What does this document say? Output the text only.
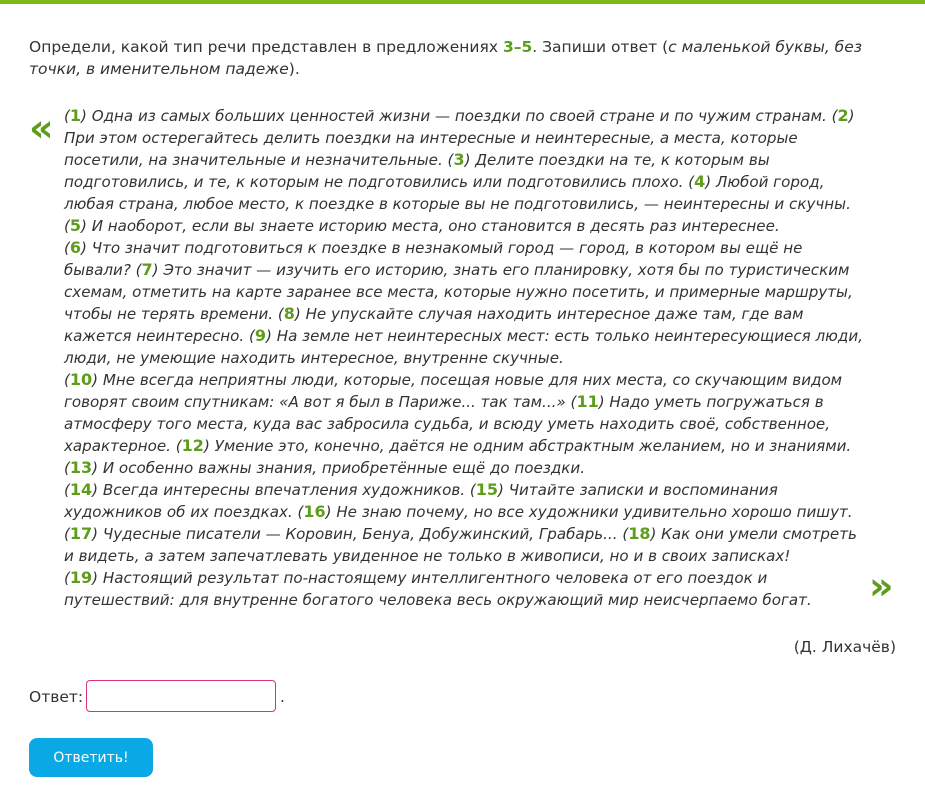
Определи, какой тип речи представлен в предложениях 3–5. Запиши ответ (с маленькой буквы, без точки, в именительном падеже).
« (1) Одна из самых больших ценностей жизни — поездки по своей стране и по чужим странам. (2) При этом остерегайтесь делить поездки на интересные и неинтересные, а места, которые посетили, на значительные и незначительные. (3) Делите поездки на те, к которым вы подготовились, и те, к которым не подготовились или подготовились плохо. (4) Любой город, любая страна, любое место, к поездке в которые вы не подготовились, — неинтересны и скучны. (5) И наоборот, если вы знаете историю места, оно становится в десять раз интереснее.

(6) Что значит подготовиться к поездке в незнакомый город — город, в котором вы ещё не бывали? (7) Это значит — изучить его историю, знать его планировку, хотя бы по туристическим схемам, отметить на карте заранее все места, которые нужно посетить, и примерные маршруты, чтобы не терять времени. (8) Не упускайте случая находить интересное даже там, где вам кажется неинтересно. (9) На земле нет неинтересных мест: есть только неинтересующиеся люди, люди, не умеющие находить интересное, внутренне скучные.

(10) Мне всегда неприятны люди, которые, посещая новые для них места, со скучающим видом говорят своим спутникам: «А вот я был в Париже... так там...» (11) Надо уметь погружаться в атмосферу того места, куда вас забросила судьба, и всюду уметь находить своё, собственное, характерное. (12) Умение это, конечно, даётся не одним абстрактным желанием, но и знаниями. (13) И особенно важны знания, приобретённые ещё до поездки.

(14) Всегда интересны впечатления художников. (15) Читайте записки и воспоминания художников об их поездках. (16) Не знаю почему, но все художники удивительно хорошо пишут. (17) Чудесные писатели — Коровин, Бенуа, Добужинский, Грабарь... (18) Как они умели смотреть и видеть, а затем запечатлевать увиденное не только в живописи, но и в своих записках!

(19) Настоящий результат по-настоящему интеллигентного человека от его поездок и путешествий: для внутренне богатого человека весь окружающий мир неисчерпаемо богат.	»
(Д. Лихачёв)
Ответ:	.
Ответить!
